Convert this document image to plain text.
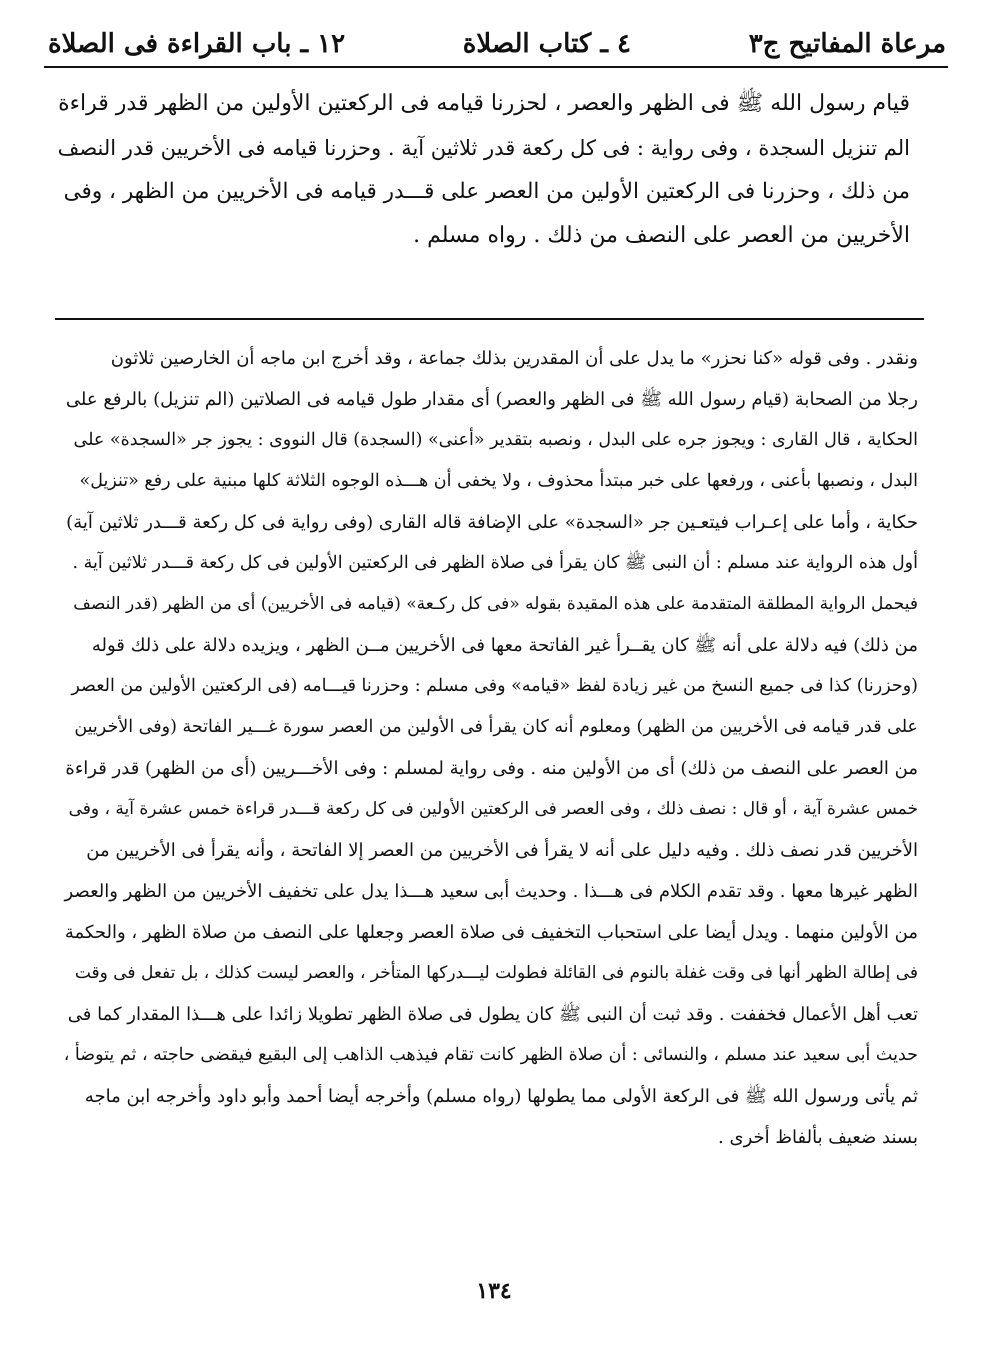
مرعاة المفاتيح ج٣
٤ ـ كتاب الصلاة
١٢ ـ باب القراءة فى الصلاة
قيام رسول الله ﷺ فى الظهر والعصر ، لحزرنا قيامه فى الركعتين الأولين من الظهر قدر قراءة
الم تنزيل السجدة ، وفى رواية : فى كل ركعة قدر ثلاثين آية . وحزرنا قيامه فى الأخريين قدر النصف
من ذلك ، وحزرنا فى الركعتين الأولين من العصر على قـــدر قيامه فى الأخريين من الظهر ، وفى
الأخريين من العصر على النصف من ذلك . رواه مسلم .
ونقدر . وفى قوله «كنا نحزر» ما يدل على أن المقدرين بذلك جماعة ، وقد أخرج ابن ماجه أن الخارصين ثلاثون
رجلا من الصحابة (قيام رسول الله ﷺ فى الظهر والعصر) أى مقدار طول قيامه فى الصلاتين (الم تنزيل) بالرفع على
الحكاية ، قال القارى : ويجوز جره على البدل ، ونصبه بتقدير «أعنى» (السجدة) قال النووى : يجوز جر «السجدة» على
البدل ، ونصبها بأعنى ، ورفعها على خبر مبتدأ محذوف ، ولا يخفى أن هـــذه الوجوه الثلاثة كلها مبنية على رفع «تنزيل»
حكاية ، وأما على إعـراب فيتعـين جر «السجدة» على الإضافة قاله القارى (وفى رواية فى كل ركعة قـــدر ثلاثين آية)
أول هذه الرواية عند مسلم : أن النبى ﷺ كان يقرأ فى صلاة الظهر فى الركعتين الأولين فى كل ركعة قـــدر ثلاثين آية .
فيحمل الرواية المطلقة المتقدمة على هذه المقيدة بقوله «فى كل ركـعة» (قيامه فى الأخريين) أى من الظهر (قدر النصف
من ذلك) فيه دلالة على أنه ﷺ كان يقــرأ غير الفاتحة معها فى الأخريين مــن الظهر ، ويزيده دلالة على ذلك قوله
(وحزرنا) كذا فى جميع النسخ من غير زيادة لفظ «قيامه» وفى مسلم : وحزرنا قيـــامه (فى الركعتين الأولين من العصر
على قدر قيامه فى الأخريين من الظهر) ومعلوم أنه كان يقرأ فى الأولين من العصر سورة غـــير الفاتحة (وفى الأخريين
من العصر على النصف من ذلك) أى من الأولين منه . وفى رواية لمسلم : وفى الأخـــريين (أى من الظهر) قدر قراءة
خمس عشرة آية ، أو قال : نصف ذلك ، وفى العصر فى الركعتين الأولين فى كل ركعة قـــدر قراءة خمس عشرة آية ، وفى
الأخريين قدر نصف ذلك . وفيه دليل على أنه لا يقرأ فى الأخريين من العصر إلا الفاتحة ، وأنه يقرأ فى الأخريين من
الظهر غيرها معها . وقد تقدم الكلام فى هـــذا . وحديث أبى سعيد هـــذا يدل على تخفيف الأخريين من الظهر والعصر
من الأولين منهما . ويدل أيضا على استحباب التخفيف فى صلاة العصر وجعلها على النصف من صلاة الظهر ، والحكمة
فى إطالة الظهر أنها فى وقت غفلة بالنوم فى القائلة فطولت ليـــدركها المتأخر ، والعصر ليست كذلك ، بل تفعل فى وقت
تعب أهل الأعمال فخففت . وقد ثبت أن النبى ﷺ كان يطول فى صلاة الظهر تطويلا زائدا على هـــذا المقدار كما فى
حديث أبى سعيد عند مسلم ، والنسائى : أن صلاة الظهر كانت تقام فيذهب الذاهب إلى البقيع فيقضى حاجته ، ثم يتوضأ ،
ثم يأتى ورسول الله ﷺ فى الركعة الأولى مما يطولها (رواه مسلم) وأخرجه أيضا أحمد وأبو داود وأخرجه ابن ماجه
بسند ضعيف بألفاظ أخرى .
١٣٤
